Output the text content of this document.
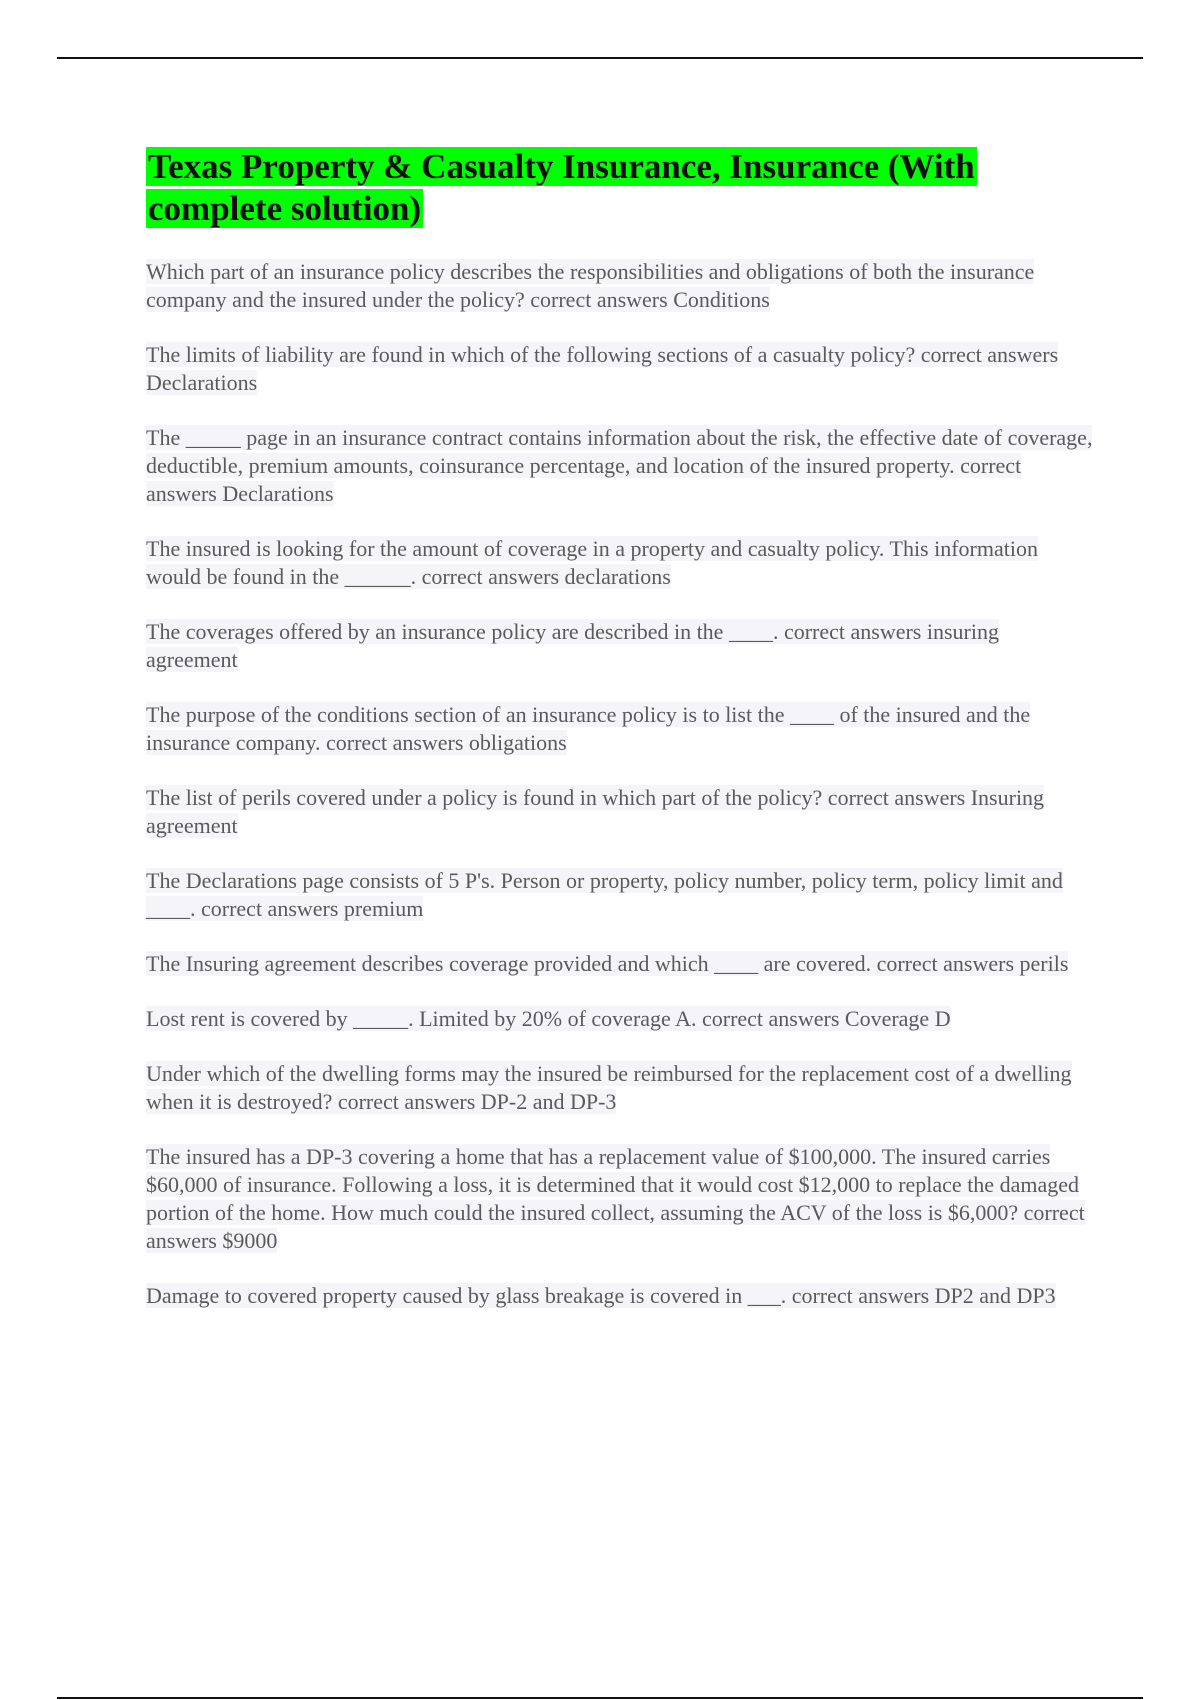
Texas Property & Casualty Insurance, Insurance (With complete solution)

Which part of an insurance policy describes the responsibilities and obligations of both the insurance company and the insured under the policy? correct answers Conditions

The limits of liability are found in which of the following sections of a casualty policy? correct answers Declarations

The _____ page in an insurance contract contains information about the risk, the effective date of coverage, deductible, premium amounts, coinsurance percentage, and location of the insured property. correct answers Declarations

The insured is looking for the amount of coverage in a property and casualty policy. This information would be found in the ______. correct answers declarations

The coverages offered by an insurance policy are described in the ____. correct answers insuring agreement

The purpose of the conditions section of an insurance policy is to list the ____ of the insured and the insurance company. correct answers obligations

The list of perils covered under a policy is found in which part of the policy? correct answers Insuring agreement

The Declarations page consists of 5 P's. Person or property, policy number, policy term, policy limit and ____. correct answers premium

The Insuring agreement describes coverage provided and which ____ are covered. correct answers perils

Lost rent is covered by _____. Limited by 20% of coverage A. correct answers Coverage D

Under which of the dwelling forms may the insured be reimbursed for the replacement cost of a dwelling when it is destroyed? correct answers DP-2 and DP-3

The insured has a DP-3 covering a home that has a replacement value of $100,000. The insured carries $60,000 of insurance. Following a loss, it is determined that it would cost $12,000 to replace the damaged portion of the home. How much could the insured collect, assuming the ACV of the loss is $6,000? correct answers $9000

Damage to covered property caused by glass breakage is covered in ___. correct answers DP2 and DP3
